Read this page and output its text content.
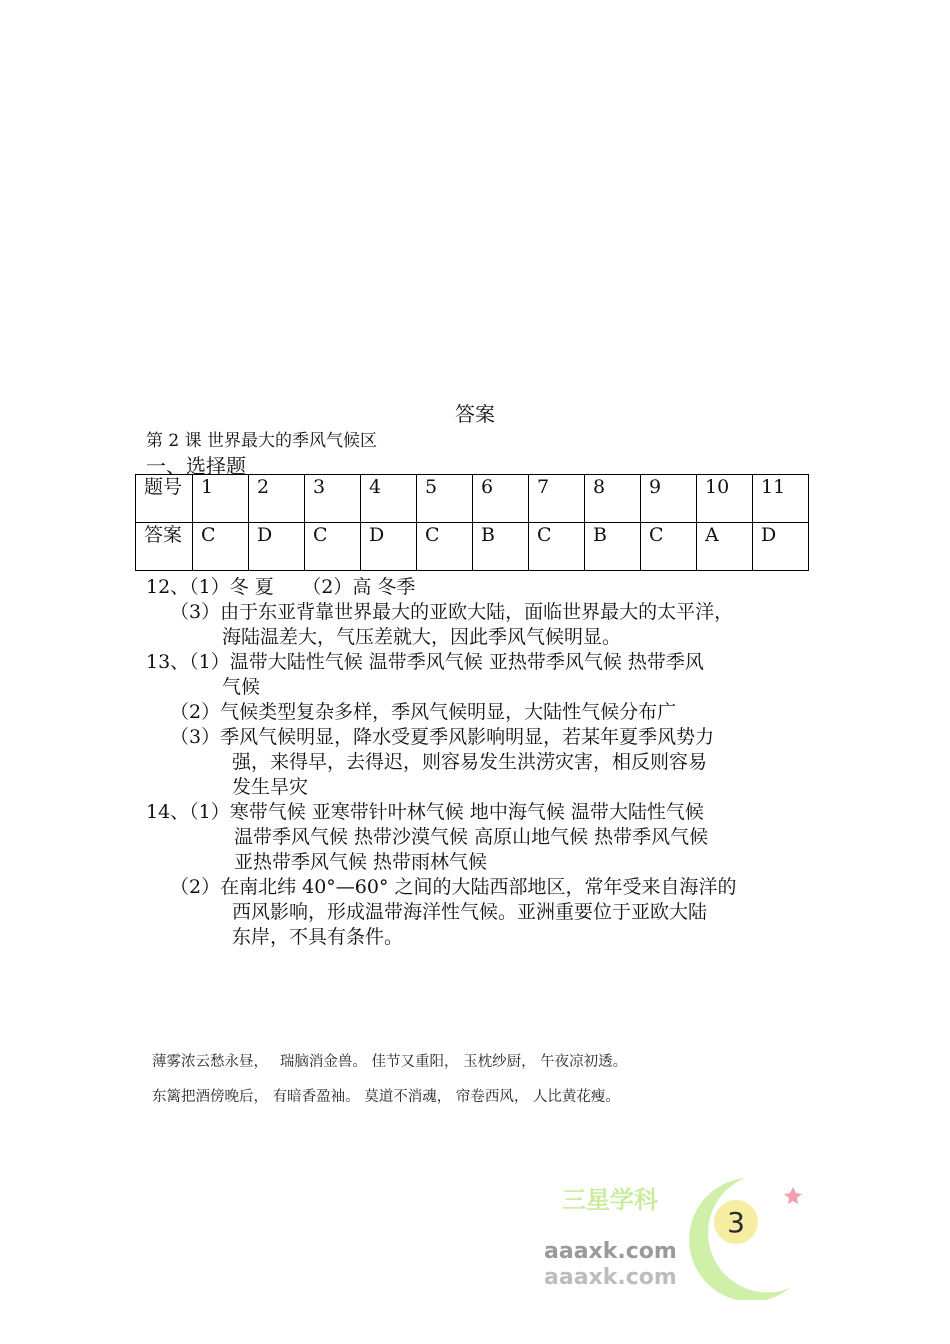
答案
第 2 课 世界最大的季风气候区
一、选择题
题号	1	2	3	4	5	6	7	8	9	10	11
答案	C	D	C	D	C	B	C	B	C	A	D
12、（1）冬 夏　　（2）高 冬季
（3）由于东亚背靠世界最大的亚欧大陆，面临世界最大的太平洋，
海陆温差大，气压差就大，因此季风气候明显。
13、（1）温带大陆性气候 温带季风气候 亚热带季风气候 热带季风
气候
（2）气候类型复杂多样，季风气候明显，大陆性气候分布广
（3）季风气候明显，降水受夏季风影响明显，若某年夏季风势力
强，来得早，去得迟，则容易发生洪涝灾害，相反则容易
发生旱灾
14、（1）寒带气候 亚寒带针叶林气候 地中海气候 温带大陆性气候
温带季风气候 热带沙漠气候 高原山地气候 热带季风气候
亚热带季风气候 热带雨林气候
（2）在南北纬 40°—60° 之间的大陆西部地区，常年受来自海洋的
西风影响，形成温带海洋性气候。亚洲重要位于亚欧大陆
东岸，不具有条件。
薄雾浓云愁永昼，　 瑞脑消金兽。 佳节又重阳， 玉枕纱厨， 午夜凉初透。
东篱把酒傍晚后， 有暗香盈袖。 莫道不消魂， 帘卷西风， 人比黄花瘦。
3
三星学科
aaaxk.com
aaaxk.com
